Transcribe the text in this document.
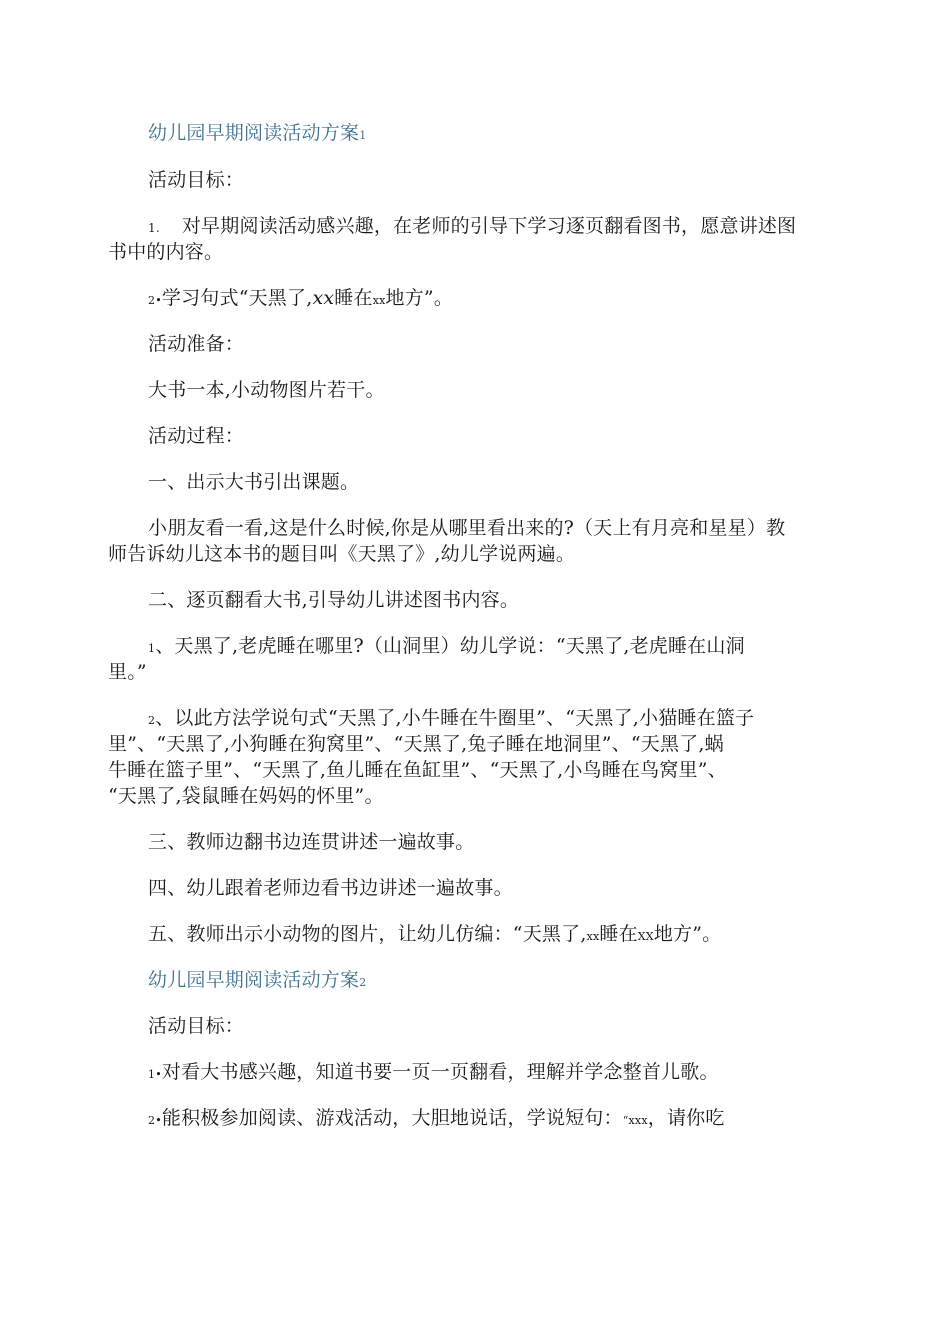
幼儿园早期阅读活动方案1
活动目标：
1. 对早期阅读活动感兴趣，在老师的引导下学习逐页翻看图书，愿意讲述图
书中的内容。
2•学习句式“天黑了,xx睡在xx地方”。
活动准备：
大书一本,小动物图片若干。
活动过程：
一、出示大书引出课题。
小朋友看一看,这是什么时候,你是从哪里看出来的?（天上有月亮和星星）教
师告诉幼儿这本书的题目叫《天黑了》,幼儿学说两遍。
二、逐页翻看大书,引导幼儿讲述图书内容。
1、天黑了,老虎睡在哪里?（山洞里）幼儿学说：“天黑了,老虎睡在山洞
里。”
2、以此方法学说句式“天黑了,小牛睡在牛圈里”、“天黑了,小猫睡在篮子
里”、“天黑了,小狗睡在狗窝里”、“天黑了,兔子睡在地洞里”、“天黑了,蜗
牛睡在篮子里”、“天黑了,鱼儿睡在鱼缸里”、“天黑了,小鸟睡在鸟窝里”、
“天黑了,袋鼠睡在妈妈的怀里”。
三、教师边翻书边连贯讲述一遍故事。
四、幼儿跟着老师边看书边讲述一遍故事。
五、教师出示小动物的图片，让幼儿仿编：“天黑了,xx睡在XX地方”。
幼儿园早期阅读活动方案2
活动目标：
1•对看大书感兴趣，知道书要一页一页翻看，理解并学念整首儿歌。
2•能积极参加阅读、游戏活动，大胆地说话，学说短句：“xxx，请你吃
